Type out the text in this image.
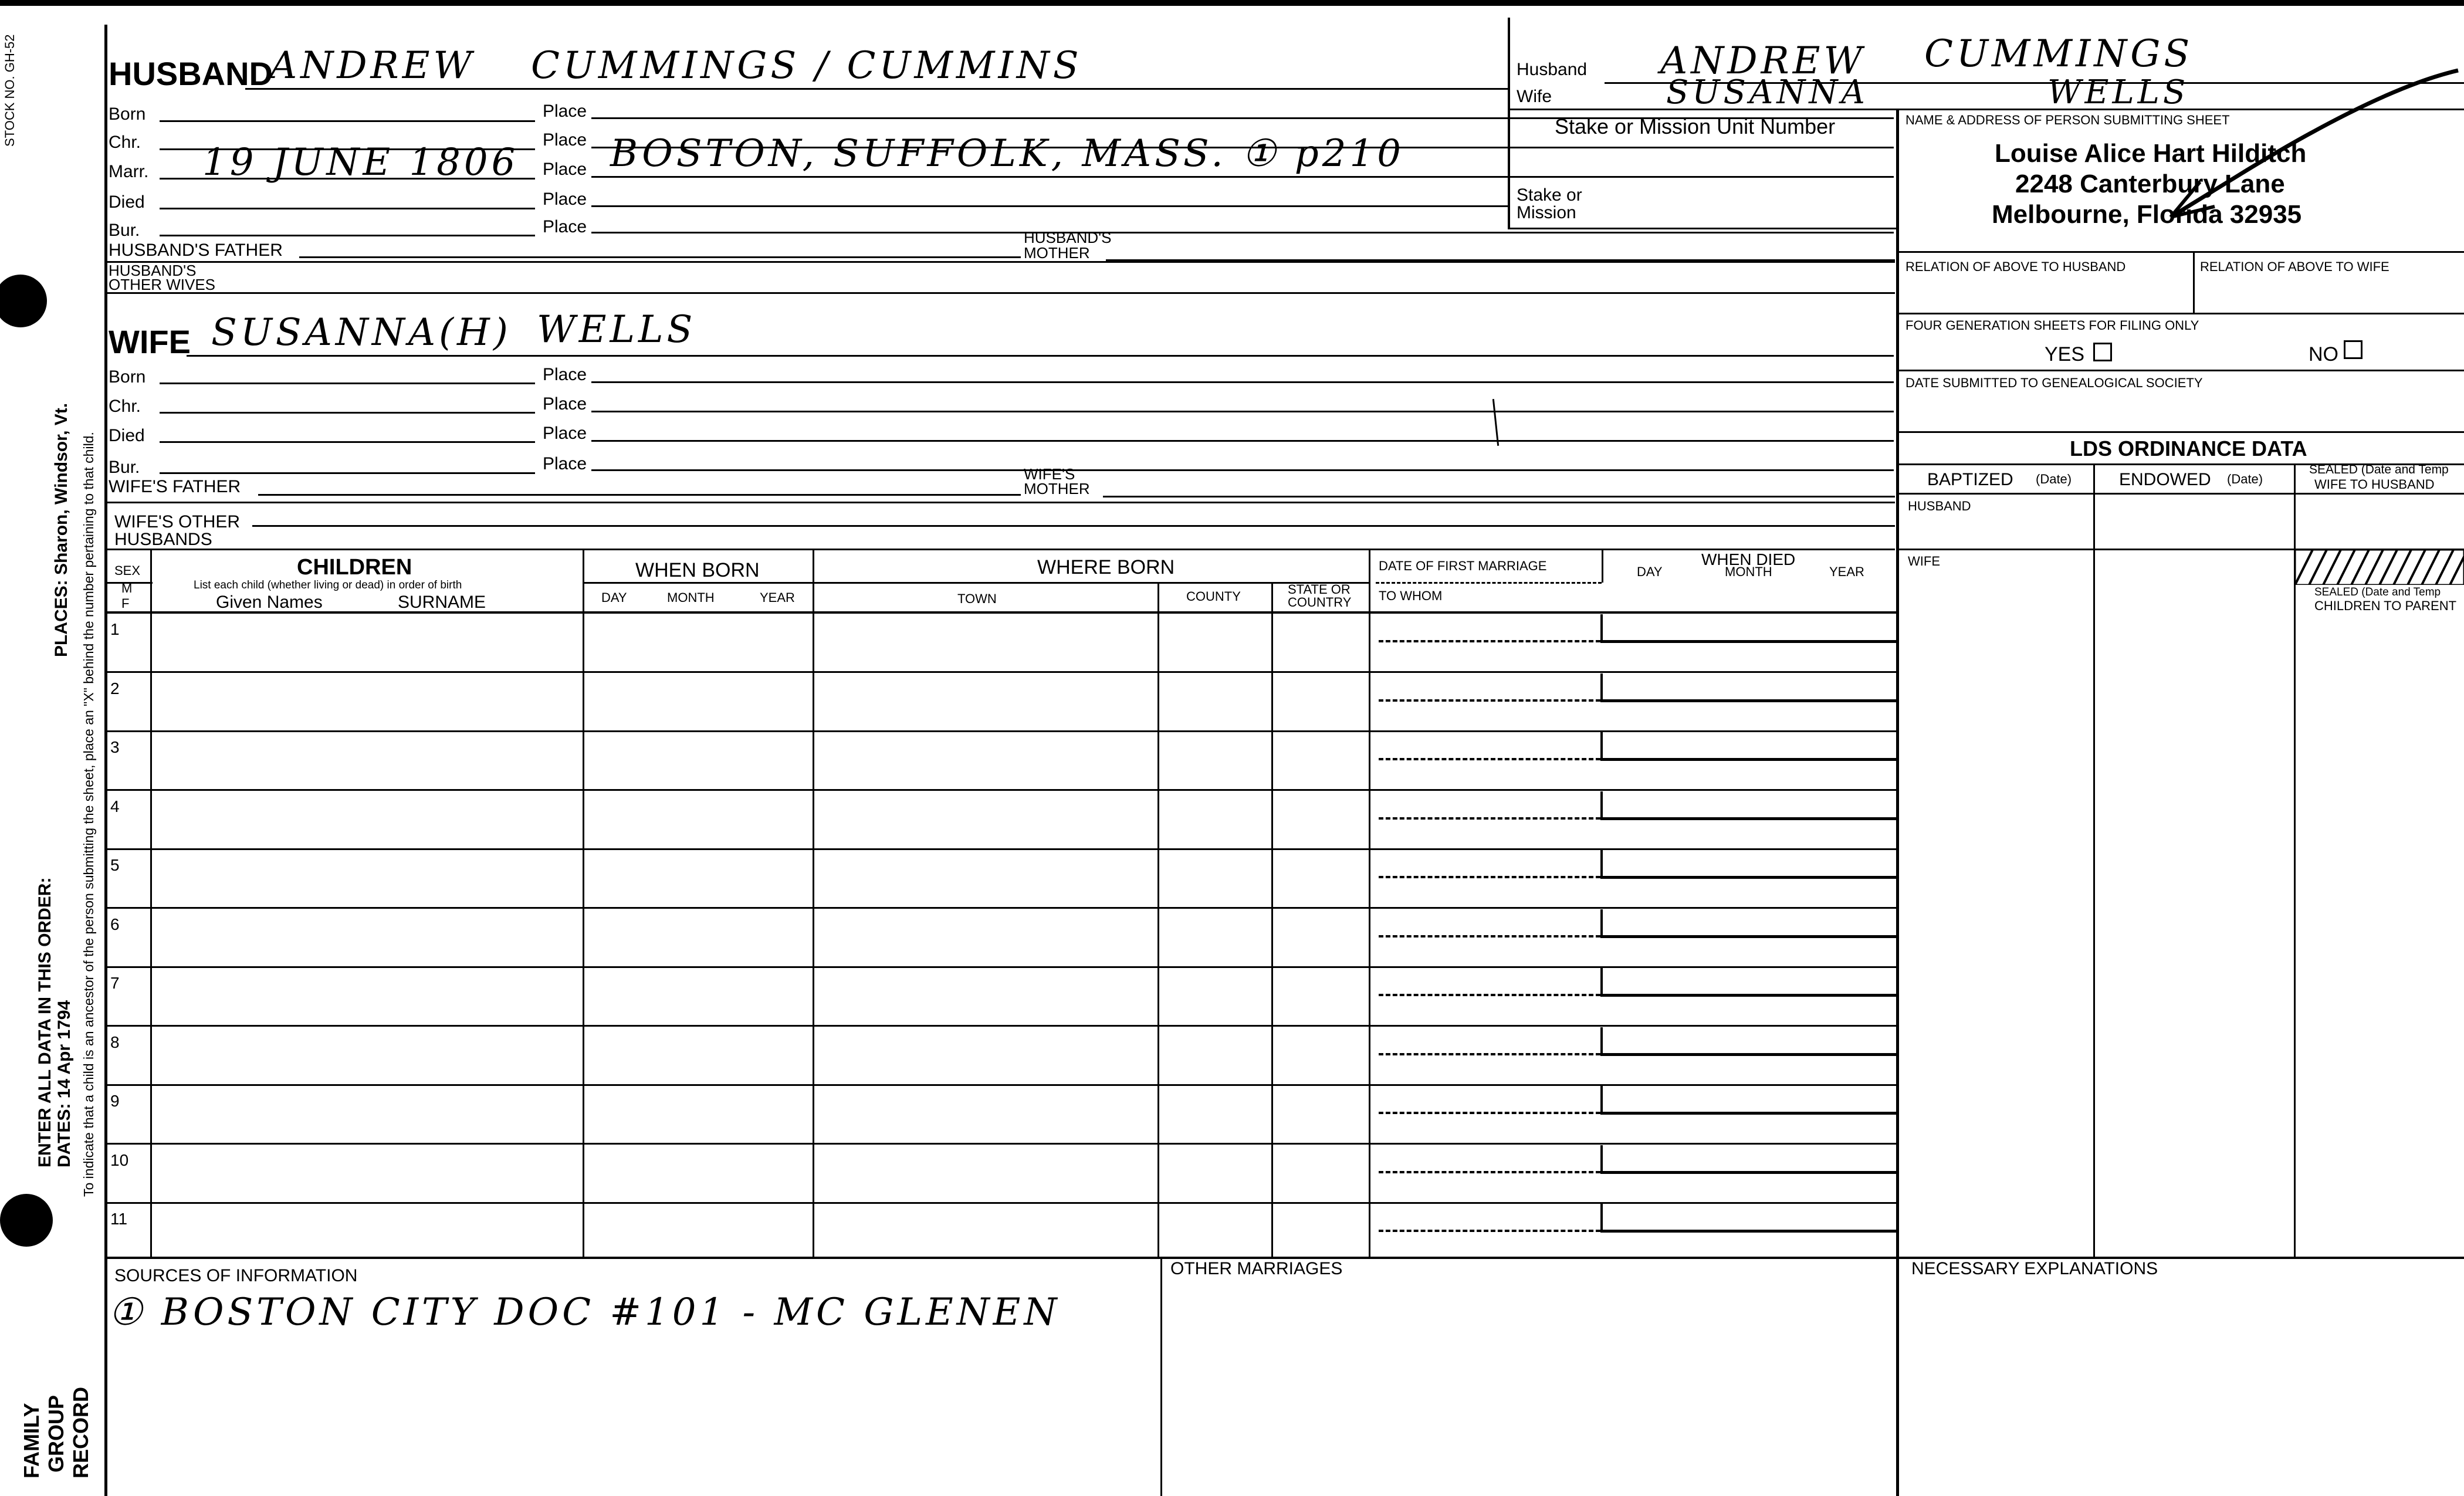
STOCK NO. GH-52
PLACES: Sharon, Windsor, Vt.
ENTER ALL DATA IN THIS ORDER: DATES: 14 Apr 1794 To indicate that a child is an ancestor of the person submitting the sheet, place an "X" behind the number pertaining to that child.
FAMILY GROUP RECORD
HUSBAND
ANDREW CUMMINGS / CUMMINS
Born	Place
Chr.	Place
Marr. 19 JUNE 1806 Place BOSTON, SUFFOLK, MASS. ① p210
Died	Place
Bur.	Place
HUSBAND'S FATHER
HUSBAND'S
MOTHER
HUSBAND'S
OTHER WIVES
WIFE SUSANNA(H) WELLS
Born	Place
Chr.	Place
Died	Place
Bur.	Place
WIFE'S FATHER
WIFE'S
MOTHER
WIFE'S OTHER
HUSBANDS
Husband ANDREW CUMMINGS
Wife	SUSANNA	WELLS
Stake or Mission Unit Number
Stake or
Mission
NAME & ADDRESS OF PERSON SUBMITTING SHEET
Louise Alice Hart Hilditch
2248 Canterbury Lane
Melbourne, Florida 32935
RELATION OF ABOVE TO HUSBAND	RELATION OF ABOVE TO WIFE
FOUR GENERATION SHEETS FOR FILING ONLY
YES	NO
DATE SUBMITTED TO GENEALOGICAL SOCIETY
LDS ORDINANCE DATA
BAPTIZED (Date)	ENDOWED (Date)
SEALED (Date and Temp
WIFE TO HUSBAND
HUSBAND
WIFE
SEALED (Date and Temp
CHILDREN TO PARENT
SEX
M
F
CHILDREN
List each child (whether living or dead) in order of birth
Given Names	SURNAME
WHEN BORN
DAY	MONTH	YEAR
WHERE BORN
TOWN	COUNTY	STATE OR
COUNTRY
DATE OF FIRST MARRIAGE
TO WHOM
WHEN DIED
DAY	MONTH	YEAR
1
2
3
4
5
6
7
8
9
10
11
SOURCES OF INFORMATION
① BOSTON CITY DOC #101 - MC GLENEN
OTHER MARRIAGES	NECESSARY EXPLANATIONS
